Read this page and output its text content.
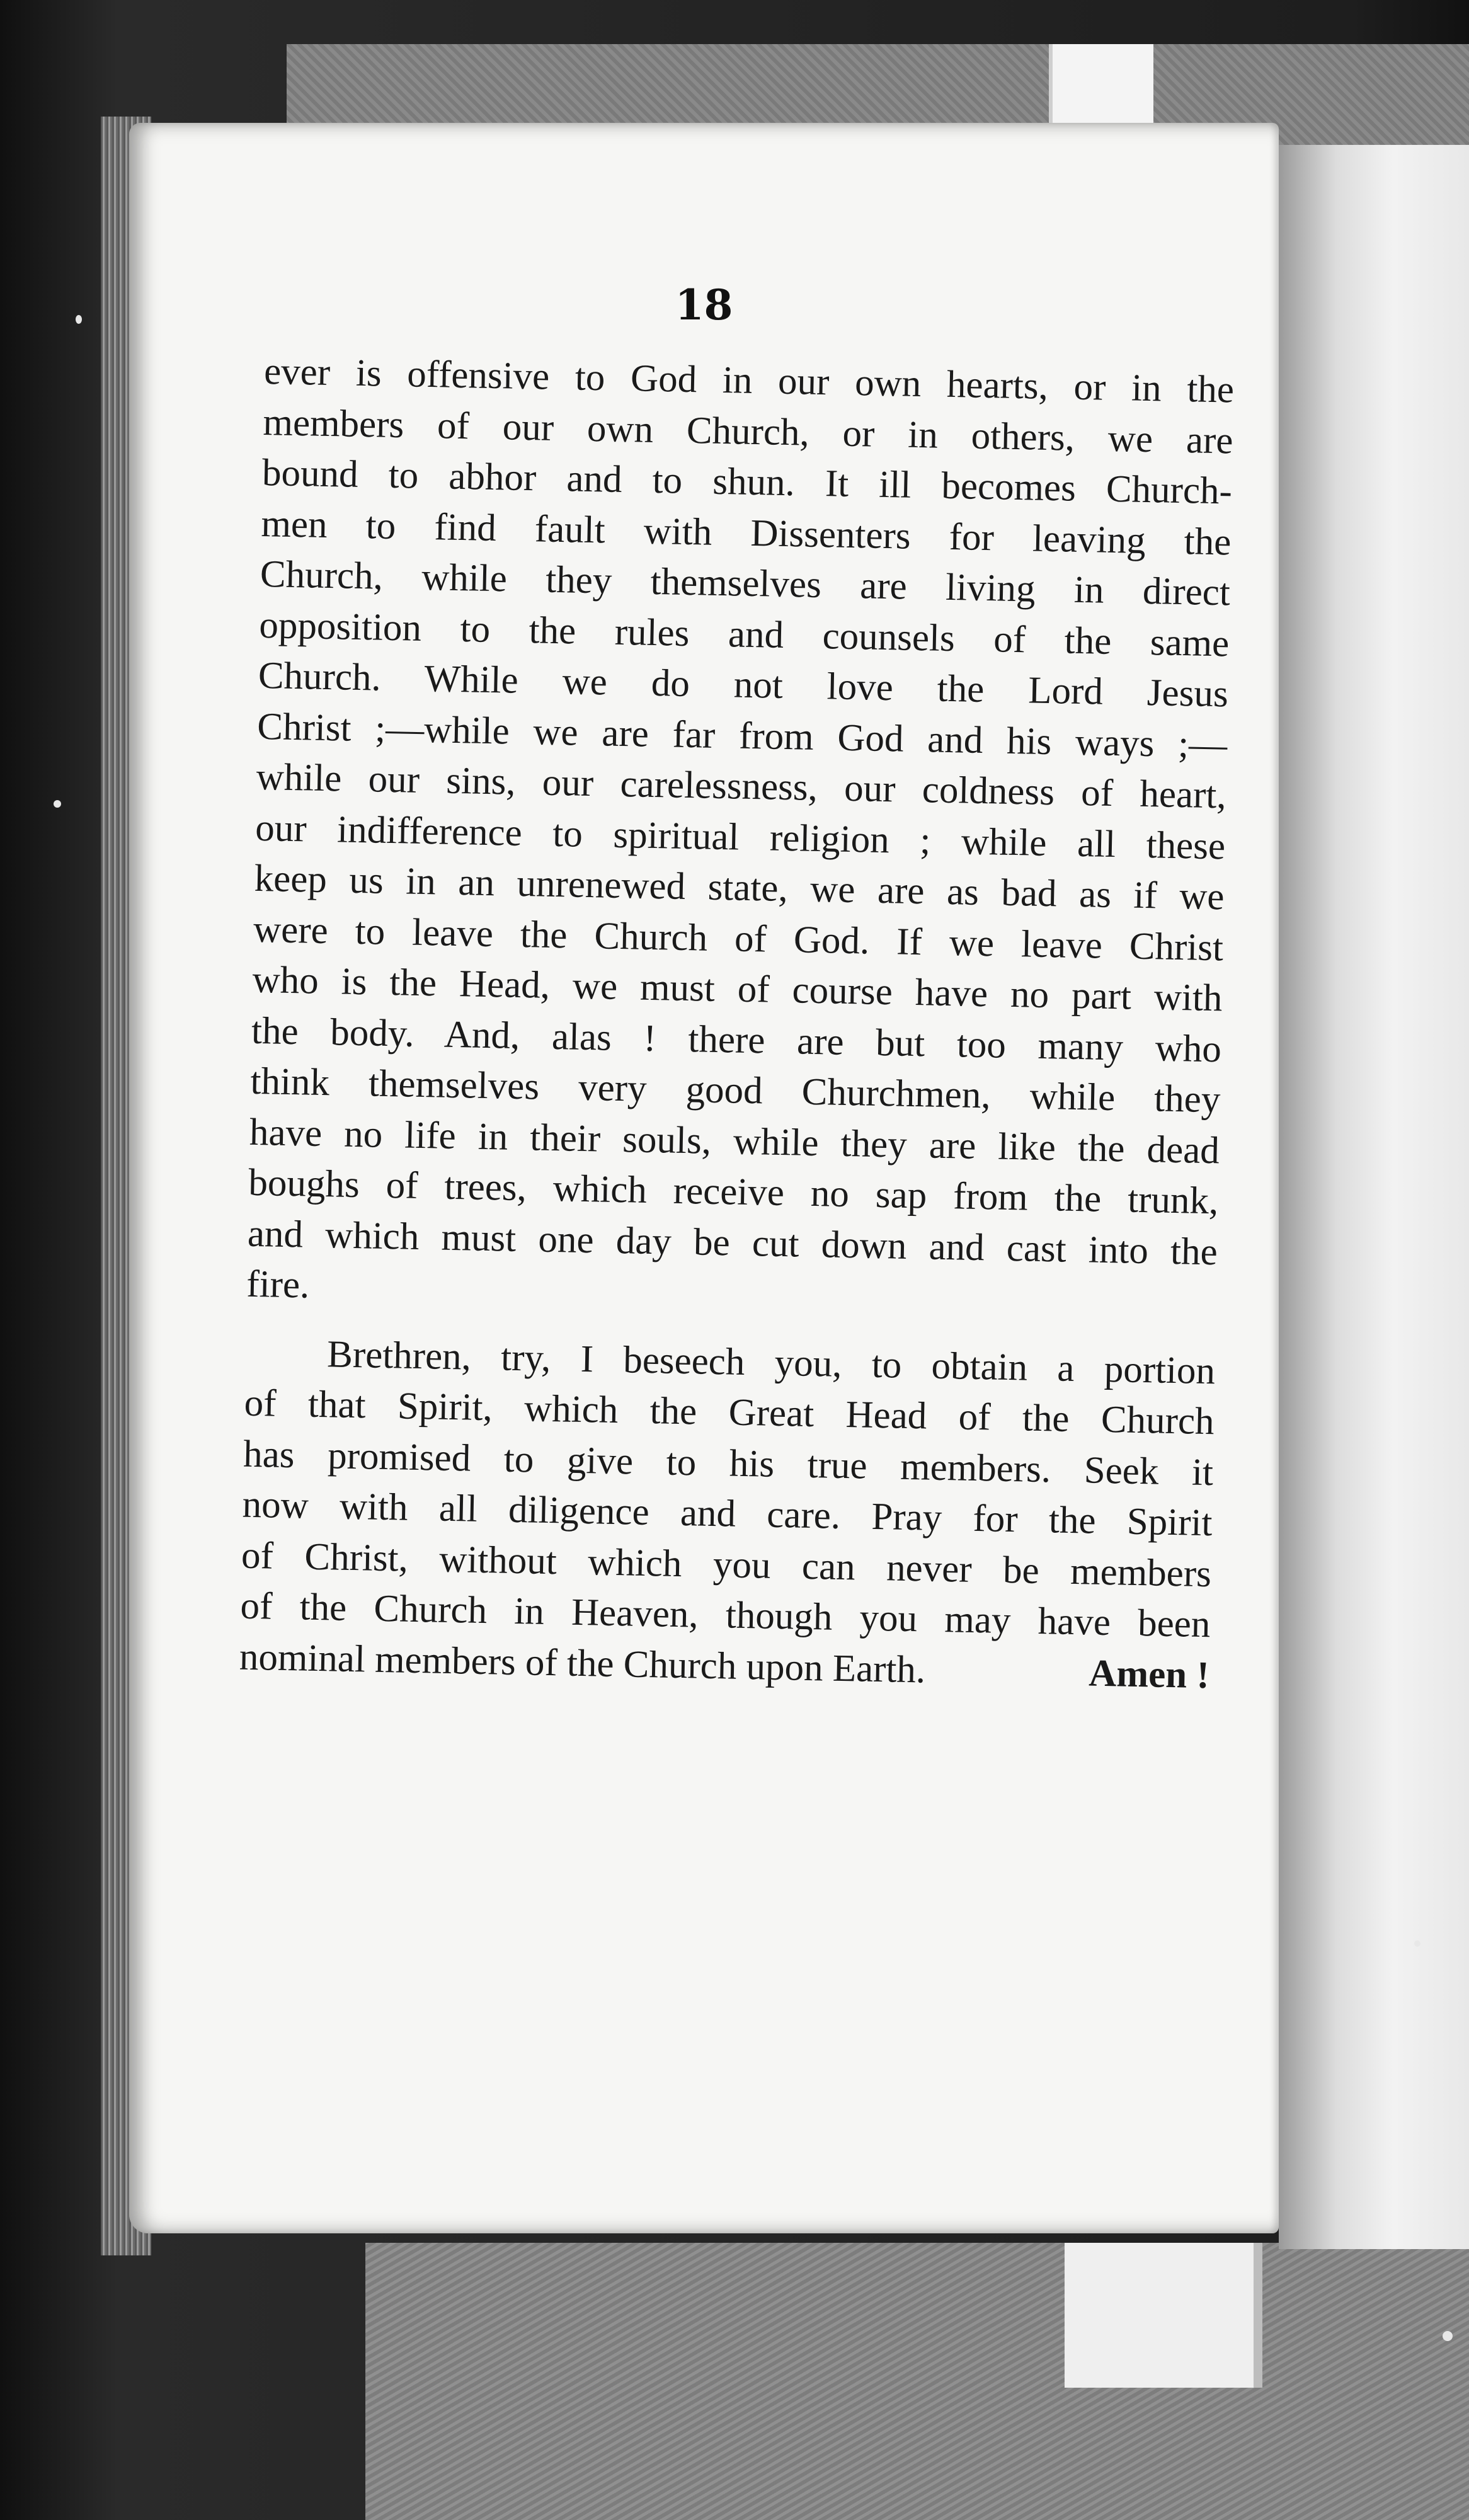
18
ever is offensive to God in our own hearts, or in the
members of our own Church, or in others, we are
bound to abhor and to shun. It ill becomes Church-
men to find fault with Dissenters for leaving the
Church, while they themselves are living in direct
opposition to the rules and counsels of the same
Church. While we do not love the Lord Jesus
Christ ;—while we are far from God and his ways ;—
while our sins, our carelessness, our coldness of heart,
our indifference to spiritual religion ; while all these
keep us in an unrenewed state, we are as bad as if we
were to leave the Church of God. If we leave Christ
who is the Head, we must of course have no part with
the body. And, alas ! there are but too many who
think themselves very good Churchmen, while they
have no life in their souls, while they are like the dead
boughs of trees, which receive no sap from the trunk,
and which must one day be cut down and cast into the
fire.
Brethren, try, I beseech you, to obtain a portion
of that Spirit, which the Great Head of the Church
has promised to give to his true members. Seek it
now with all diligence and care. Pray for the Spirit
of Christ, without which you can never be members
of the Church in Heaven, though you may have been
nominal members of the Church upon Earth.	Amen !
